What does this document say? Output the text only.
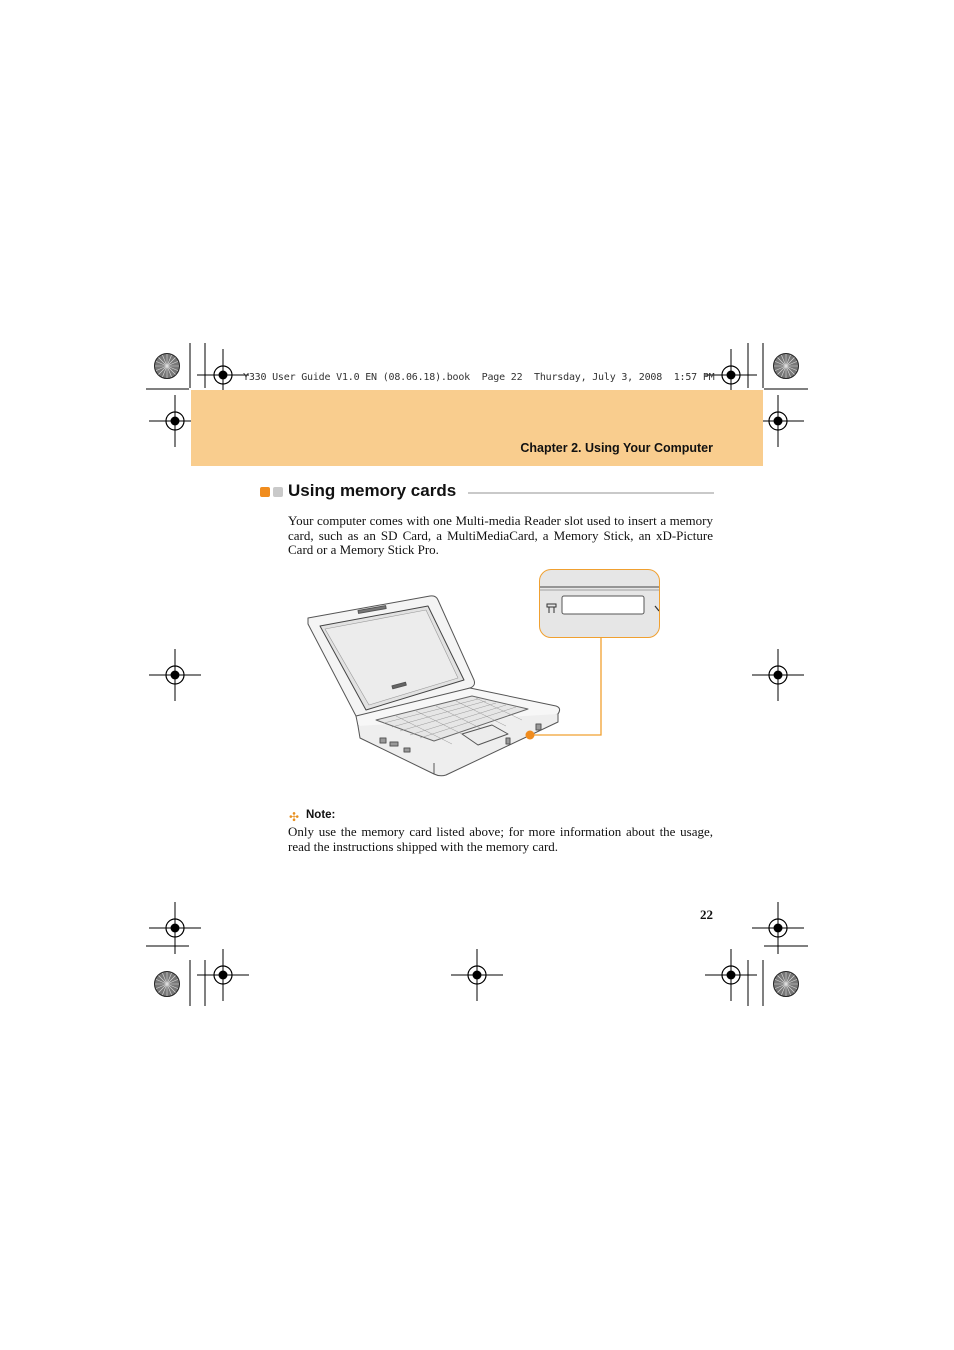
Y330 User Guide V1.0 EN (08.06.18).book  Page 22  Thursday, July 3, 2008  1:57 PM
Chapter 2. Using Your Computer
Using memory cards
Your computer comes with one Multi-media Reader slot used to insert a memory card, such as an SD Card, a MultiMediaCard, a Memory Stick, an xD-Picture Card or a Memory Stick Pro.
✣ Note:
Only use the memory card listed above; for more information about the usage, read the instructions shipped with the memory card.
22
